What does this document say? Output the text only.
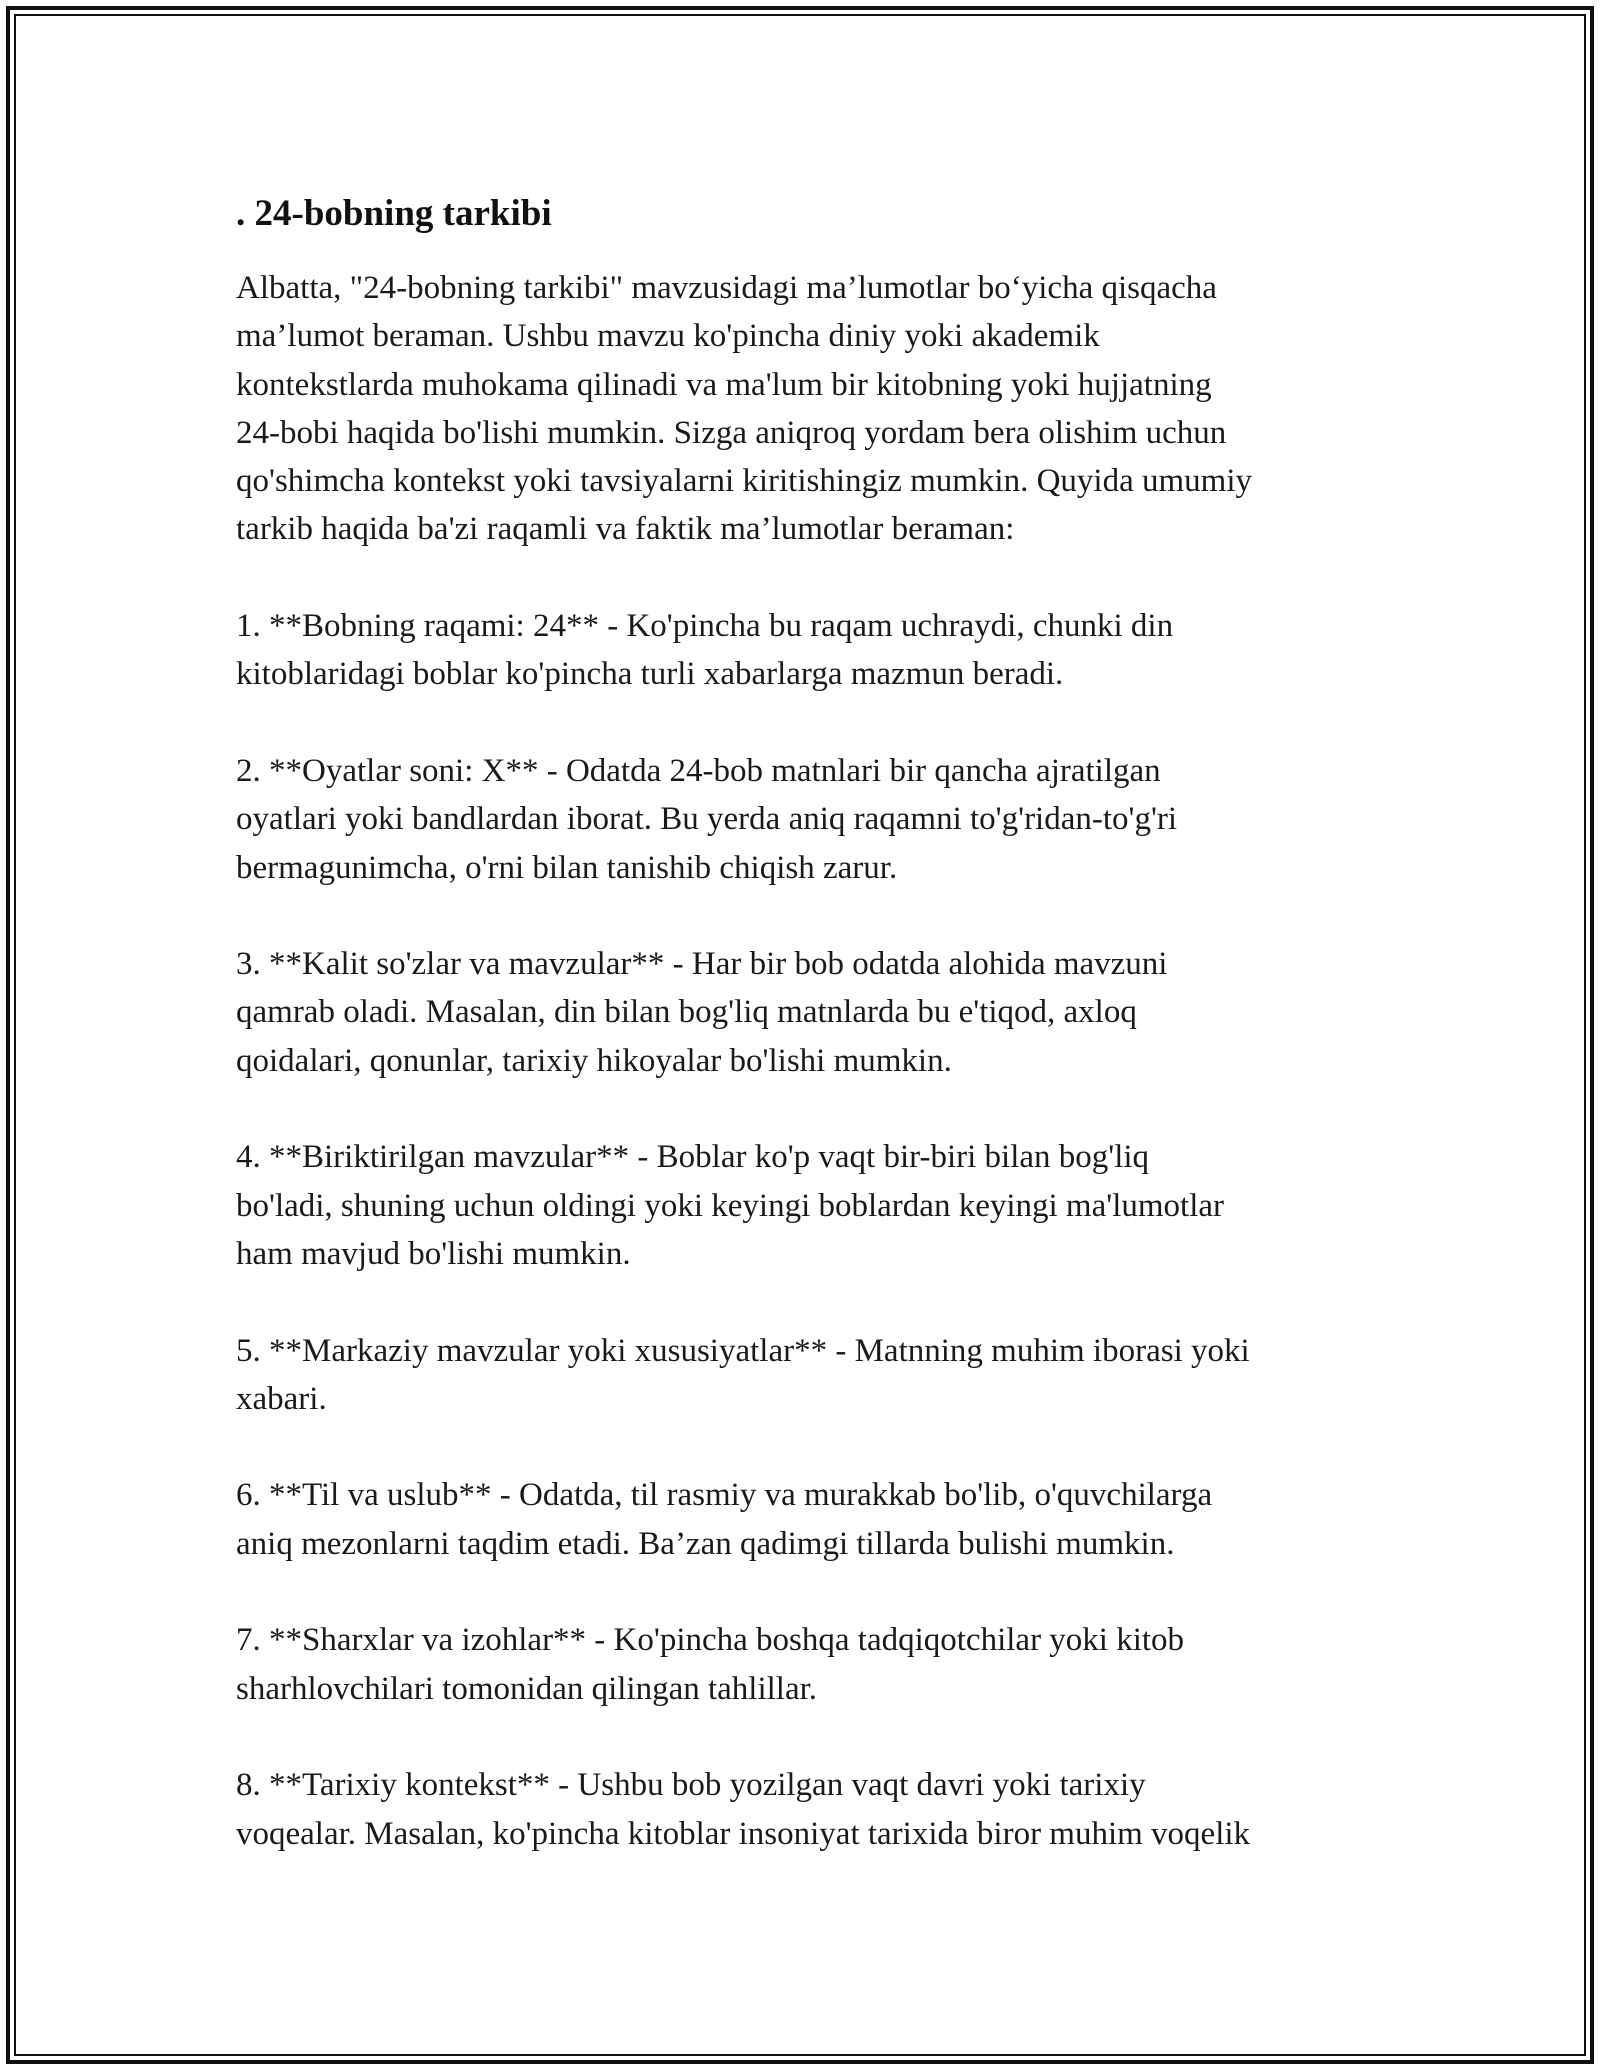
. 24-bobning tarkibi

Albatta, "24-bobning tarkibi" mavzusidagi ma’lumotlar bo‘yicha qisqacha
ma’lumot beraman. Ushbu mavzu ko'pincha diniy yoki akademik
kontekstlarda muhokama qilinadi va ma'lum bir kitobning yoki hujjatning
24-bobi haqida bo'lishi mumkin. Sizga aniqroq yordam bera olishim uchun
qo'shimcha kontekst yoki tavsiyalarni kiritishingiz mumkin. Quyida umumiy
tarkib haqida ba'zi raqamli va faktik ma’lumotlar beraman:

1. **Bobning raqami: 24** - Ko'pincha bu raqam uchraydi, chunki din
kitoblaridagi boblar ko'pincha turli xabarlarga mazmun beradi.
2. **Oyatlar soni: X** - Odatda 24-bob matnlari bir qancha ajratilgan
oyatlari yoki bandlardan iborat. Bu yerda aniq raqamni to'g'ridan-to'g'ri
bermagunimcha, o'rni bilan tanishib chiqish zarur.
3. **Kalit so'zlar va mavzular** - Har bir bob odatda alohida mavzuni
qamrab oladi. Masalan, din bilan bog'liq matnlarda bu e'tiqod, axloq
qoidalari, qonunlar, tarixiy hikoyalar bo'lishi mumkin.
4. **Biriktirilgan mavzular** - Boblar ko'p vaqt bir-biri bilan bog'liq
bo'ladi, shuning uchun oldingi yoki keyingi boblardan keyingi ma'lumotlar
ham mavjud bo'lishi mumkin.
5. **Markaziy mavzular yoki xususiyatlar** - Matnning muhim iborasi yoki
xabari.
6. **Til va uslub** - Odatda, til rasmiy va murakkab bo'lib, o'quvchilarga
aniq mezonlarni taqdim etadi. Ba’zan qadimgi tillarda bulishi mumkin.
7. **Sharxlar va izohlar** - Ko'pincha boshqa tadqiqotchilar yoki kitob
sharhlovchilari tomonidan qilingan tahlillar.
8. **Tarixiy kontekst** - Ushbu bob yozilgan vaqt davri yoki tarixiy
voqealar. Masalan, ko'pincha kitoblar insoniyat tarixida biror muhim voqelik
